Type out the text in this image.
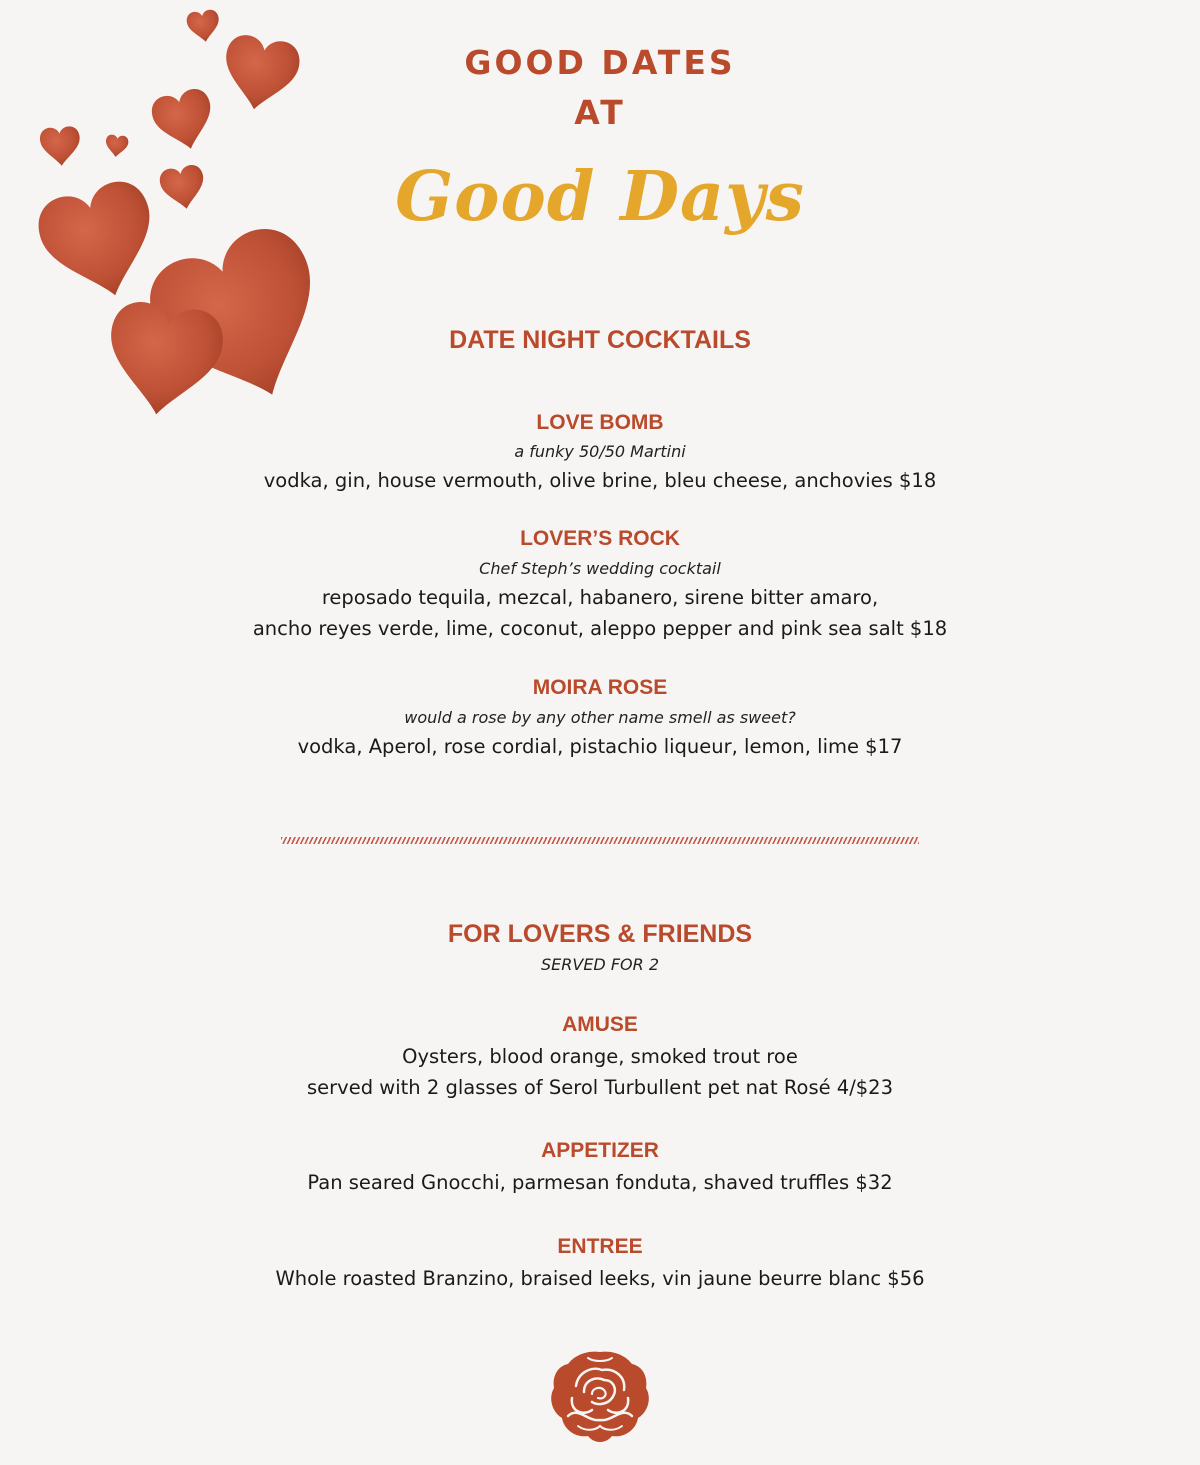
GOOD DATES
AT
Good Days
DATE NIGHT COCKTAILS
LOVE BOMB
a funky 50/50 Martini
vodka, gin, house vermouth, olive brine, bleu cheese, anchovies $18
LOVER’S ROCK
Chef Steph’s wedding cocktail
reposado tequila, mezcal, habanero, sirene bitter amaro,
ancho reyes verde, lime, coconut, aleppo pepper and pink sea salt $18
MOIRA ROSE
would a rose by any other name smell as sweet?
vodka, Aperol, rose cordial, pistachio liqueur, lemon, lime $17
FOR LOVERS & FRIENDS
SERVED FOR 2
AMUSE
Oysters, blood orange, smoked trout roe
served with 2 glasses of Serol Turbullent pet nat Rosé 4/$23
APPETIZER
Pan seared Gnocchi, parmesan fonduta, shaved truffles $32
ENTREE
Whole roasted Branzino, braised leeks, vin jaune beurre blanc $56
